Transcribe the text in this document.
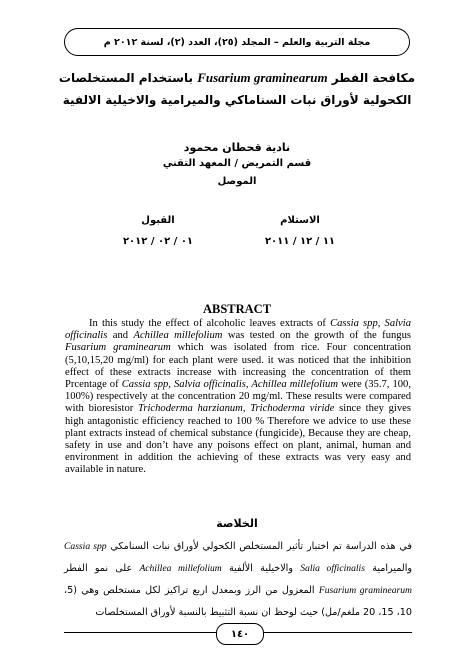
مجلة التربية والعلم – المجلد (٢٥)، العدد (٢)، لسنة ٢٠١٢ م
مكافحة الفطر Fusarium graminearum باستخدام المستخلصات
الكحولية لأوراق نبات السناماكي والميرامية والاخيلية الالفية
نادية قحطان محمود
قسم التمريض / المعهد التقني
الموصل
الاستلام
١١ / ١٢ / ٢٠١١
القبول
٠١ / ٠٢ / ٢٠١٢
ABSTRACT
In this study the effect of alcoholic leaves extracts of Cassia spp, Salvia officinalis and Achillea millefolium was tested on the growth of the fungus Fusarium graminearum which was isolated from rice. Four concentration (5,10,15,20 mg/ml) for each plant were used. it was noticed that the inhibition effect of these extracts increase with increasing the concentration of them Prcentage of Cassia spp, Salvia officinalis, Achillea millefolium were (35.7, 100, 100%) respectively at the concentration 20 mg/ml. These results were compared with bioresistor Trichoderma harzianum, Trichoderma viride since they gives high antagonistic efficiency reached to 100 % Therefore we advice to use these plant extracts instead of chemical substance (fungicide), Because they are cheap, safety in use and don’t have any poisons effect on plant, animal, human and environment in addition the achieving of these extracts was very easy and available in nature.
الخلاصة
في هذه الدراسة تم اختبار تأثير المستخلص الكحولي لأوراق نبات السنامكي Cassia spp والميرامية Salia officinalis والاخيلية الألفية Achillea millefolium على نمو الفطر Fusarium graminearum المعزول من الرز وبمعدل اربع تراكيز لكل مستخلص وهي (5، 10، 15، 20 ملغم/مل) حيث لوحظ ان نسبة التثبيط بالنسبة لأوراق المستخلصات
١٤٠
